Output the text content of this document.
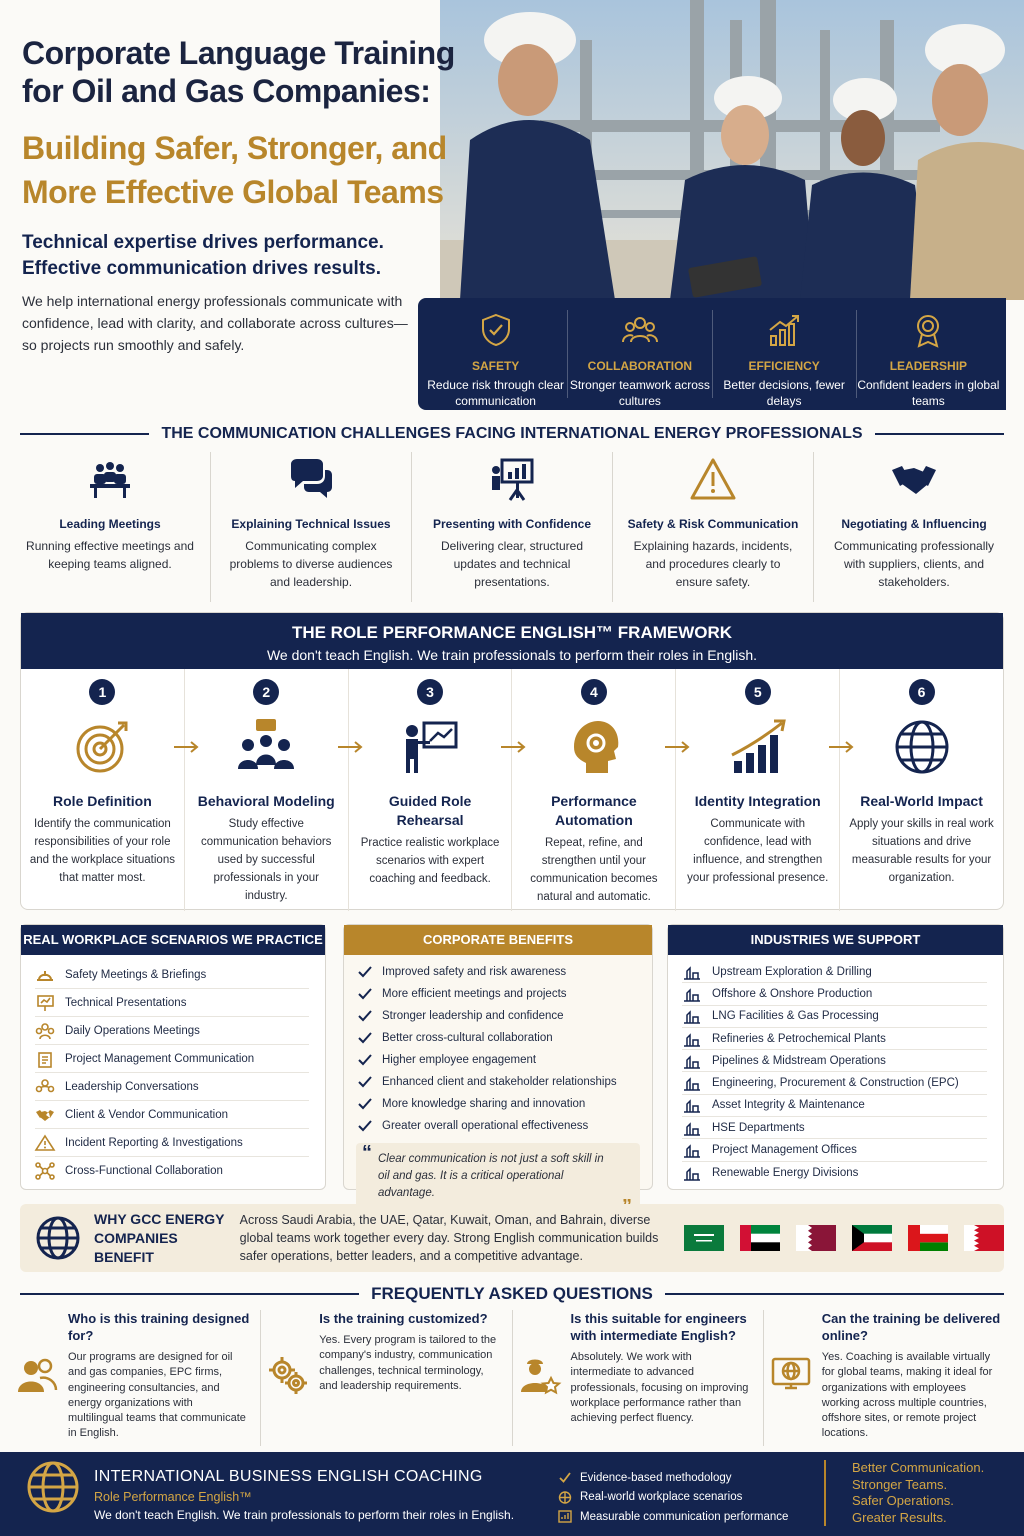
Corporate Language Training for Oil and Gas Companies:
Building Safer, Stronger, and More Effective Global Teams
Technical expertise drives performance.
Effective communication drives results.
We help international energy professionals communicate with confidence, lead with clarity, and collaborate across cultures—so projects run smoothly and safely.
SAFETY
Reduce risk through clear communication
COLLABORATION
Stronger teamwork across cultures
EFFICIENCY
Better decisions, fewer delays
LEADERSHIP
Confident leaders in global teams
THE COMMUNICATION CHALLENGES FACING INTERNATIONAL ENERGY PROFESSIONALS
Leading Meetings
Running effective meetings and keeping teams aligned.
Explaining Technical Issues
Communicating complex problems to diverse audiences and leadership.
Presenting with Confidence
Delivering clear, structured updates and technical presentations.
Safety & Risk Communication
Explaining hazards, incidents, and procedures clearly to ensure safety.
Negotiating & Influencing
Communicating professionally with suppliers, clients, and stakeholders.
THE ROLE PERFORMANCE ENGLISH™ FRAMEWORK
We don't teach English. We train professionals to perform their roles in English.
1
Role Definition
Identify the communication responsibilities of your role and the workplace situations that matter most.
2
Behavioral Modeling
Study effective communication behaviors used by successful professionals in your industry.
3
Guided Role Rehearsal
Practice realistic workplace scenarios with expert coaching and feedback.
4
Performance Automation
Repeat, refine, and strengthen until your communication becomes natural and automatic.
5
Identity Integration
Communicate with confidence, lead with influence, and strengthen your professional presence.
6
Real-World Impact
Apply your skills in real work situations and drive measurable results for your organization.
REAL WORKPLACE SCENARIOS WE PRACTICE
Safety Meetings & Briefings
Technical Presentations
Daily Operations Meetings
Project Management Communication
Leadership Conversations
Client & Vendor Communication
Incident Reporting & Investigations
Cross-Functional Collaboration
CORPORATE BENEFITS
Improved safety and risk awareness
More efficient meetings and projects
Stronger leadership and confidence
Better cross-cultural collaboration
Higher employee engagement
Enhanced client and stakeholder relationships
More knowledge sharing and innovation
Greater overall operational effectiveness
“ Clear communication is not just a soft skill in oil and gas. It is a critical operational advantage.
INDUSTRIES WE SUPPORT
Upstream Exploration & Drilling
Offshore & Onshore Production
LNG Facilities & Gas Processing
Refineries & Petrochemical Plants
Pipelines & Midstream Operations
Engineering, Procurement & Construction (EPC)
Asset Integrity & Maintenance
HSE Departments
Project Management Offices
Renewable Energy Divisions
WHY GCC ENERGY COMPANIES BENEFIT
Across Saudi Arabia, the UAE, Qatar, Kuwait, Oman, and Bahrain, diverse global teams work together every day. Strong English communication builds safer operations, better leaders, and a competitive advantage.
FREQUENTLY ASKED QUESTIONS
Who is this training designed for?
Our programs are designed for oil and gas companies, EPC firms, engineering consultancies, and energy organizations with multilingual teams that communicate in English.
Is the training customized?
Yes. Every program is tailored to the company's industry, communication challenges, technical terminology, and leadership requirements.
Is this suitable for engineers with intermediate English?
Absolutely. We work with intermediate to advanced professionals, focusing on improving workplace performance rather than achieving perfect fluency.
Can the training be delivered online?
Yes. Coaching is available virtually for global teams, making it ideal for organizations with employees working across multiple countries, offshore sites, or remote project locations.
INTERNATIONAL BUSINESS ENGLISH COACHING
Role Performance English™
We don't teach English. We train professionals to perform their roles in English.
Evidence-based methodology
Real-world workplace scenarios
Measurable communication performance
Better Communication.
Stronger Teams.
Safer Operations.
Greater Results.
